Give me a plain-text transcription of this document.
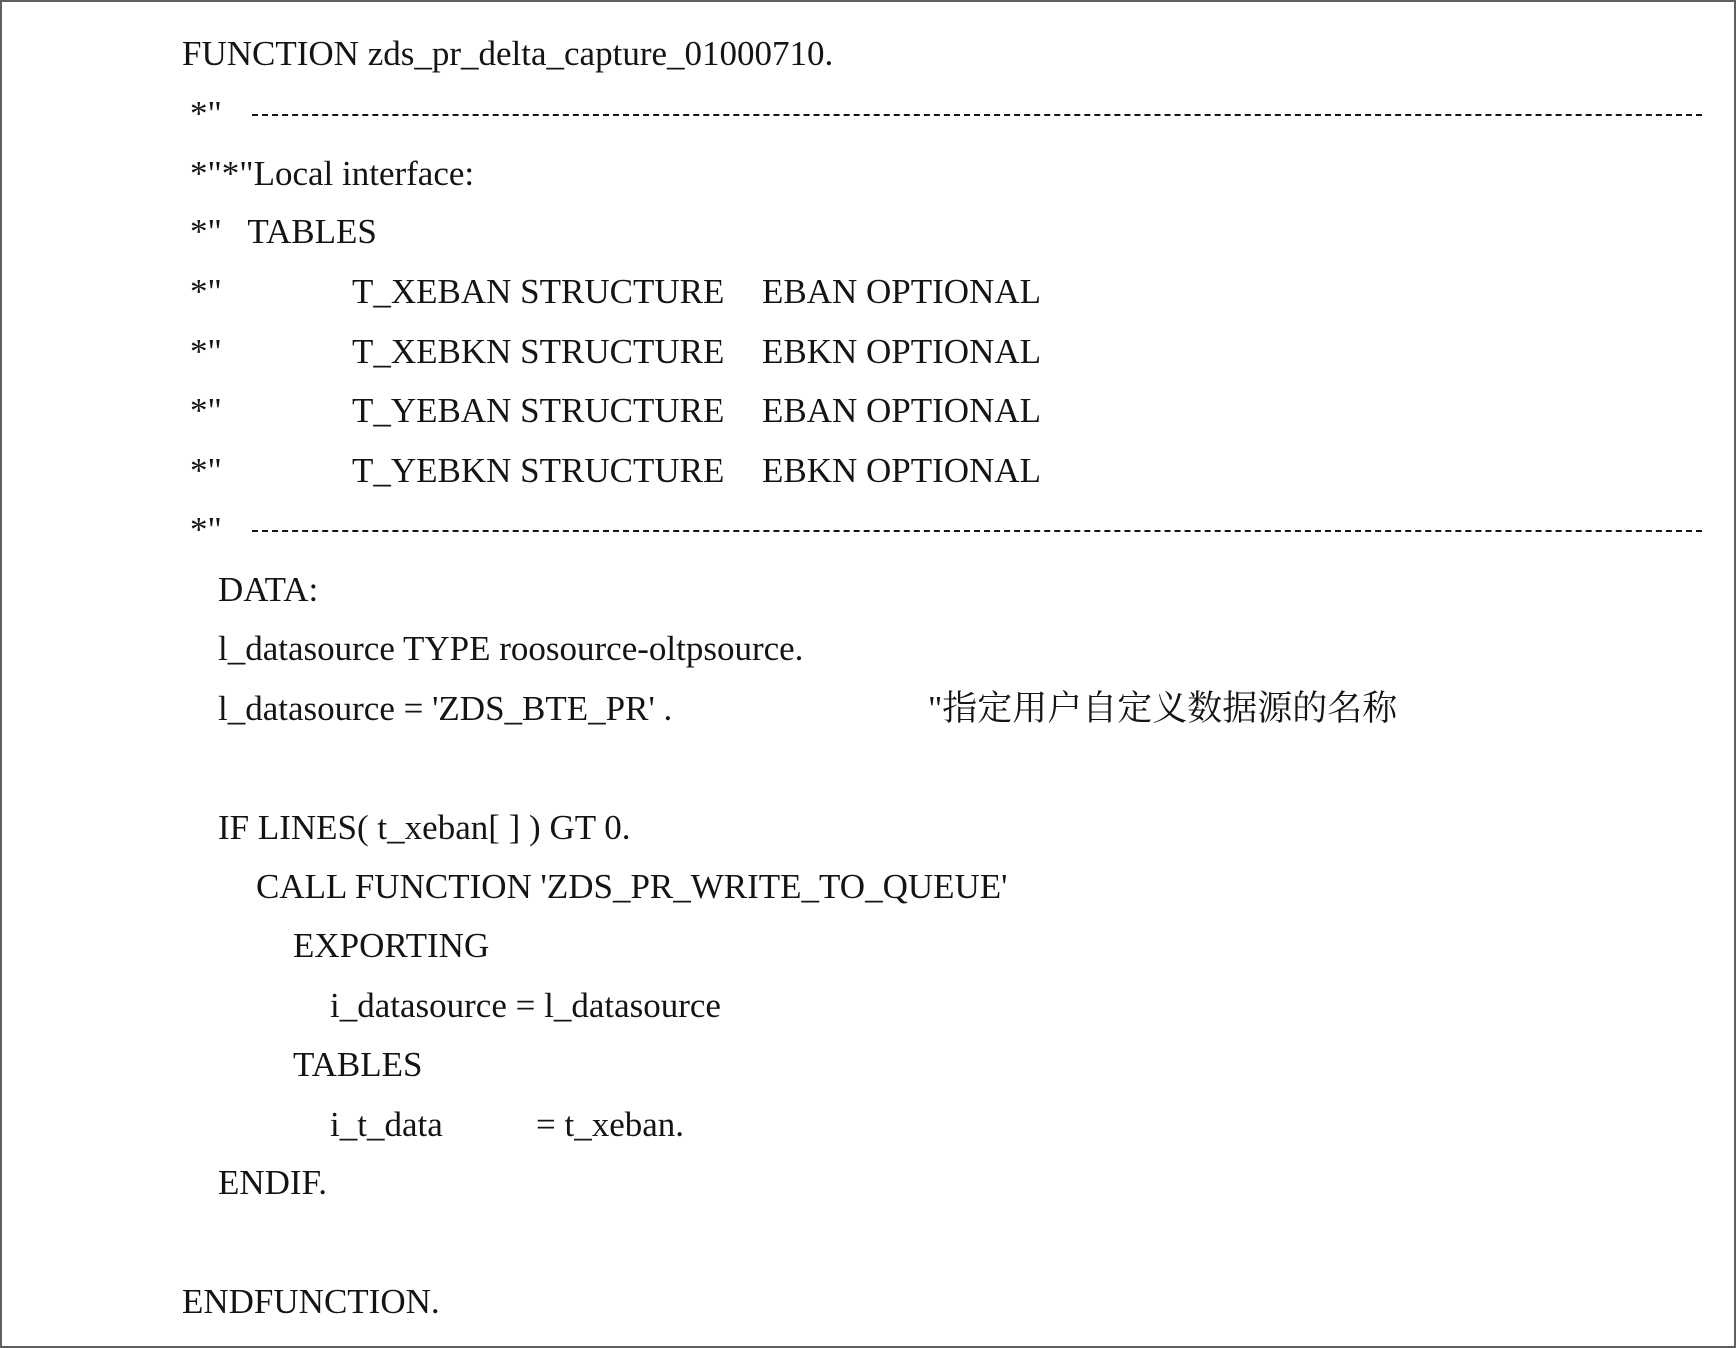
FUNCTION zds_pr_delta_capture_01000710.
*"
*"*"Local interface:
*"   TABLES
*"	T_XEBAN STRUCTURE EBAN OPTIONAL
*"	T_XEBKN STRUCTURE EBKN OPTIONAL
*"	T_YEBAN STRUCTURE EBAN OPTIONAL
*"	T_YEBKN STRUCTURE EBKN OPTIONAL
*"
DATA:
l_datasource TYPE roosource-oltpsource.
l_datasource = 'ZDS_BTE_PR' .	"指定用户自定义数据源的名称
IF LINES( t_xeban[ ] ) GT 0.
CALL FUNCTION 'ZDS_PR_WRITE_TO_QUEUE'
EXPORTING
i_datasource = l_datasource
TABLES
i_t_data	= t_xeban.
ENDIF.
ENDFUNCTION.
